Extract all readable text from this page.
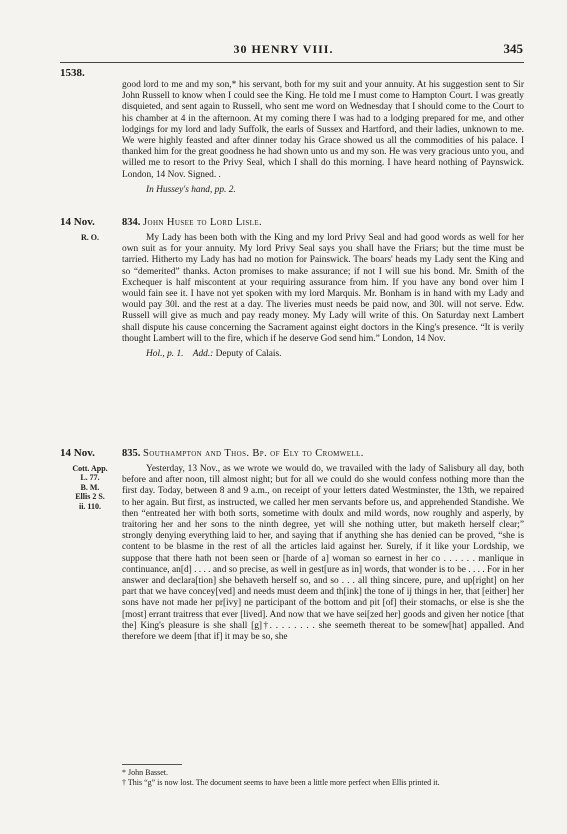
30 HENRY VIII.	345
1538.

good lord to me and my son,* his servant, both for my suit and your annuity. At his suggestion sent to Sir John Russell to know when I could see the King. He told me I must come to Hampton Court. I was greatly disquieted, and sent again to Russell, who sent me word on Wednesday that I should come to the Court to his chamber at 4 in the afternoon. At my coming there I was had to a lodging prepared for me, and other lodgings for my lord and lady Suffolk, the earls of Sussex and Hartford, and their ladies, unknown to me. We were highly feasted and after dinner today his Grace showed us all the commodities of his palace. I thanked him for the great goodness he had shown unto us and my son. He was very gracious unto you, and willed me to resort to the Privy Seal, which I shall do this morning. I have heard nothing of Paynswick. London, 14 Nov. Signed. .

In Hussey's hand, pp. 2.

14 Nov.
R. O.
834. John Husee to Lord Lisle.

My Lady has been both with the King and my lord Privy Seal and had good words as well for her own suit as for your annuity. My lord Privy Seal says you shall have the Friars; but the time must be tarried. Hitherto my Lady has had no motion for Painswick. The boars' heads my Lady sent the King and so “demerited” thanks. Acton promises to make assurance; if not I will sue his bond. Mr. Smith of the Exchequer is half miscontent at your requiring assurance from him. If you have any bond over him I would fain see it. I have not yet spoken with my lord Marquis. Mr. Bonham is in hand with my Lady and would pay 30l. and the rest at a day. The liveries must needs be paid now, and 30l. will not serve. Edw. Russell will give as much and pay ready money. My Lady will write of this. On Saturday next Lambert shall dispute his cause concerning the Sacrament against eight doctors in the King's presence. “It is verily thought Lambert will to the fire, which if he deserve God send him.” London, 14 Nov.

Hol., p. 1. Add.: Deputy of Calais.

14 Nov.
Cott. App.
L. 77.
B. M.
Ellis 2 S.
ii. 110.
835. Southampton and Thos. Bp. of Ely to Cromwell.

Yesterday, 13 Nov., as we wrote we would do, we travailed with the lady of Salisbury all day, both before and after noon, till almost night; but for all we could do she would confess nothing more than the first day. Today, between 8 and 9 a.m., on receipt of your letters dated Westminster, the 13th, we repaired to her again. But first, as instructed, we called her men servants before us, and apprehended Standishe. We then “entreated her with both sorts, sometime with doulx and mild words, now roughly and asperly, by traitoring her and her sons to the ninth degree, yet will she nothing utter, but maketh herself clear;” strongly denying everything laid to her, and saying that if anything she has denied can be proved, “she is content to be blasme in the rest of all the articles laid against her. Surely, if it like your Lordship, we suppose that there hath not been seen or [harde of a] woman so earnest in her co . . . . . . manlique in continuance, an[d] . . . . and so precise, as well in gest[ure as in] words, that wonder is to be . . . . For in her answer and declara[tion] she behaveth herself so, and so . . . all thing sincere, pure, and up[right] on her part that we have concey[ved] and needs must deem and th[ink] the tone of ij things in her, that [either] her sons have not made her pr[ivy] ne participant of the bottom and pit [of] their stomachs, or else is she the [most] errant traitress that ever [lived]. And now that we have sei[zed her] goods and given her notice [that the] King's pleasure is she shall [g]†. . . . . . . . she seemeth thereat to be somew[hat] appalled. And therefore we deem [that if] it may be so, she

* John Basset.
† This “g” is now lost. The document seems to have been a little more perfect when Ellis printed it.
